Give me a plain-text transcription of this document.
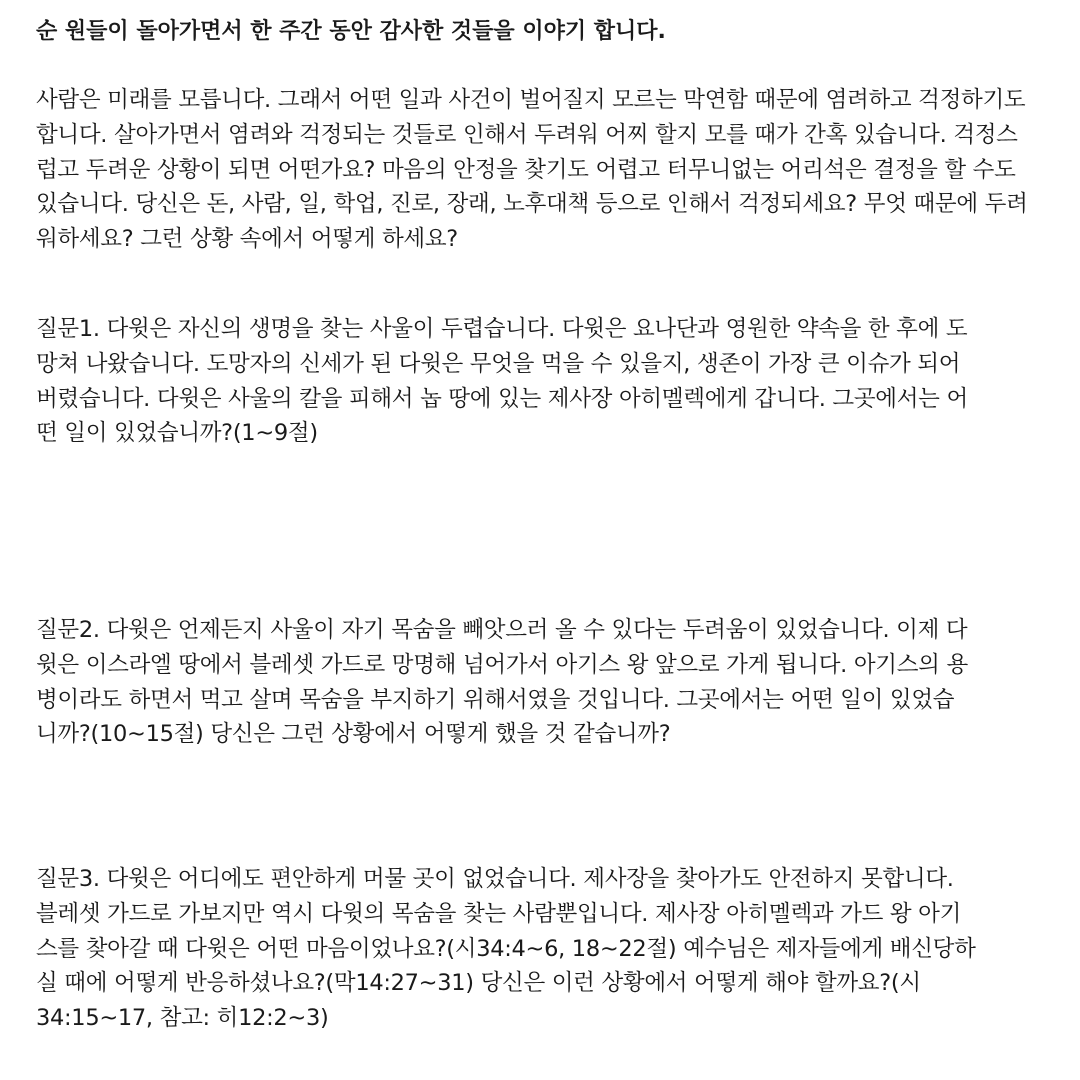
순 원들이 돌아가면서 한 주간 동안 감사한 것들을 이야기 합니다.
사람은 미래를 모릅니다. 그래서 어떤 일과 사건이 벌어질지 모르는 막연함 때문에 염려하고 걱정하기도
합니다. 살아가면서 염려와 걱정되는 것들로 인해서 두려워 어찌 할지 모를 때가 간혹 있습니다. 걱정스
럽고 두려운 상황이 되면 어떤가요? 마음의 안정을 찾기도 어렵고 터무니없는 어리석은 결정을 할 수도
있습니다. 당신은 돈, 사람, 일, 학업, 진로, 장래, 노후대책 등으로 인해서 걱정되세요? 무엇 때문에 두려
워하세요? 그런 상황 속에서 어떻게 하세요?
질문1. 다윗은 자신의 생명을 찾는 사울이 두렵습니다. 다윗은 요나단과 영원한 약속을 한 후에 도
망쳐 나왔습니다. 도망자의 신세가 된 다윗은 무엇을 먹을 수 있을지, 생존이 가장 큰 이슈가 되어
버렸습니다. 다윗은 사울의 칼을 피해서 놉 땅에 있는 제사장 아히멜렉에게 갑니다. 그곳에서는 어
떤 일이 있었습니까?(1~9절)
질문2. 다윗은 언제든지 사울이 자기 목숨을 빼앗으러 올 수 있다는 두려움이 있었습니다. 이제 다
윗은 이스라엘 땅에서 블레셋 가드로 망명해 넘어가서 아기스 왕 앞으로 가게 됩니다. 아기스의 용
병이라도 하면서 먹고 살며 목숨을 부지하기 위해서였을 것입니다. 그곳에서는 어떤 일이 있었습
니까?(10~15절) 당신은 그런 상황에서 어떻게 했을 것 같습니까?
질문3. 다윗은 어디에도 편안하게 머물 곳이 없었습니다. 제사장을 찾아가도 안전하지 못합니다.
블레셋 가드로 가보지만 역시 다윗의 목숨을 찾는 사람뿐입니다. 제사장 아히멜렉과 가드 왕 아기
스를 찾아갈 때 다윗은 어떤 마음이었나요?(시34:4~6, 18~22절) 예수님은 제자들에게 배신당하
실 때에 어떻게 반응하셨나요?(막14:27~31) 당신은 이런 상황에서 어떻게 해야 할까요?(시
34:15~17, 참고: 히12:2~3)
